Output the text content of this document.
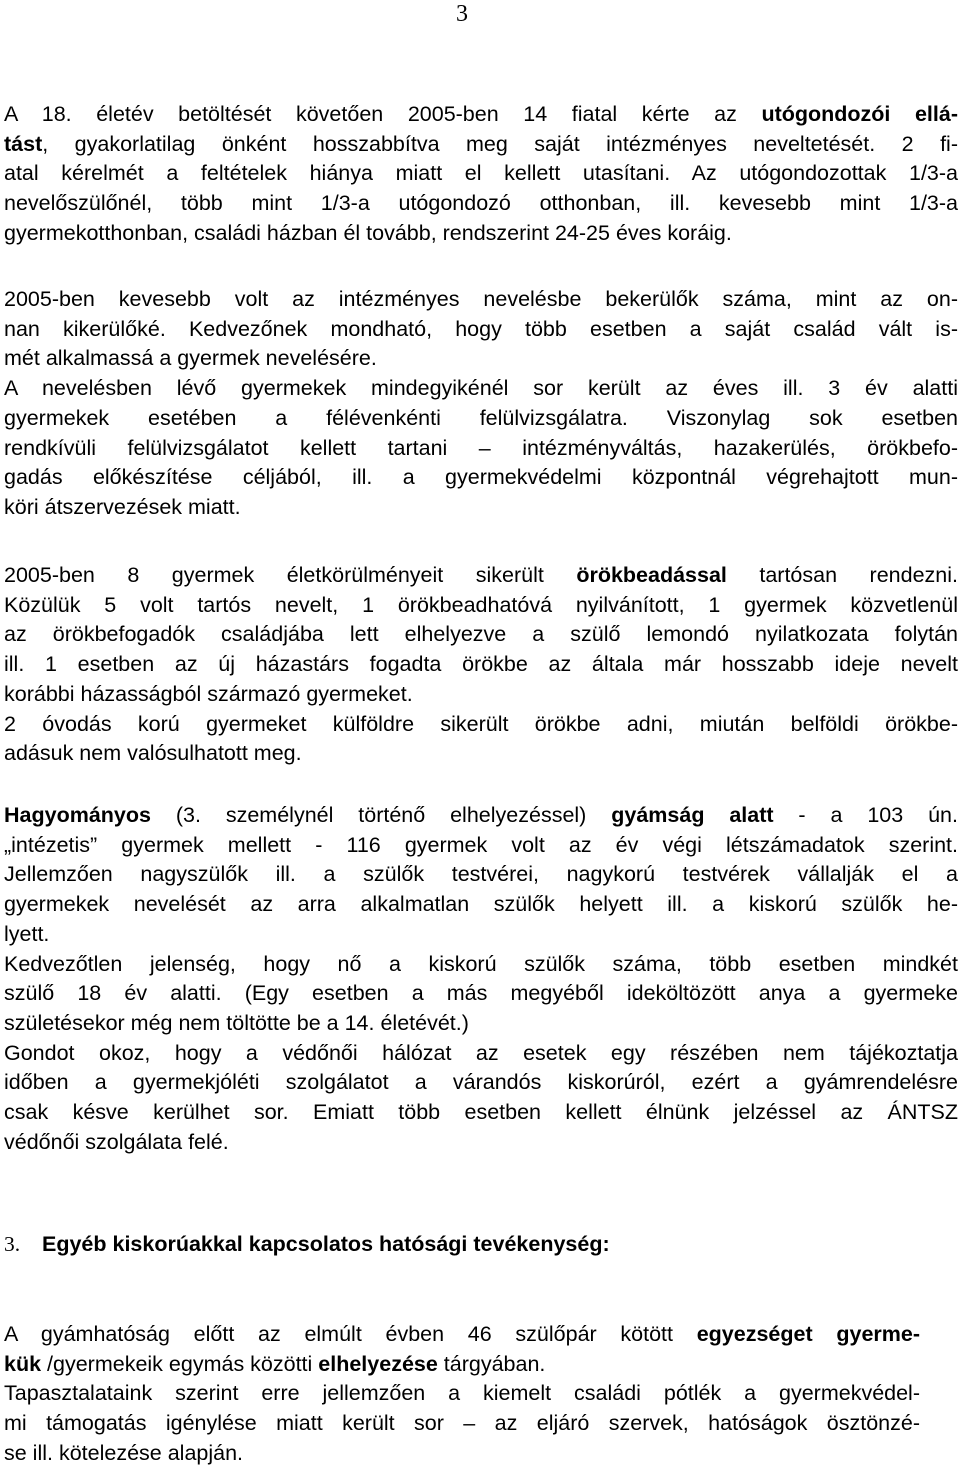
3
A 18. életév betöltését követően 2005-ben 14 fiatal kérte az utógondozói ellá-
tást, gyakorlatilag önként hosszabbítva meg saját intézményes neveltetését. 2 fi-
atal kérelmét a feltételek hiánya miatt el kellett utasítani. Az utógondozottak 1/3-a
nevelőszülőnél, több mint 1/3-a utógondozó otthonban, ill. kevesebb mint 1/3-a
gyermekotthonban, családi házban él tovább, rendszerint 24-25 éves koráig.
2005-ben kevesebb volt az intézményes nevelésbe bekerülők száma, mint az on-
nan kikerülőké. Kedvezőnek mondható, hogy több esetben a saját család vált is-
mét alkalmassá a gyermek nevelésére.
A nevelésben lévő gyermekek mindegyikénél sor került az éves ill. 3 év alatti
gyermekek esetében a félévenkénti felülvizsgálatra. Viszonylag sok esetben
rendkívüli felülvizsgálatot kellett tartani – intézményváltás, hazakerülés, örökbefo-
gadás előkészítése céljából, ill. a gyermekvédelmi központnál végrehajtott mun-
köri átszervezések miatt.
2005-ben 8 gyermek életkörülményeit sikerült örökbeadással tartósan rendezni.
Közülük 5 volt tartós nevelt, 1 örökbeadhatóvá nyilvánított, 1 gyermek közvetlenül
az örökbefogadók családjába lett elhelyezve a szülő lemondó nyilatkozata folytán
ill. 1 esetben az új házastárs fogadta örökbe az általa már hosszabb ideje nevelt
korábbi házasságból származó gyermeket.
2 óvodás korú gyermeket külföldre sikerült örökbe adni, miután belföldi örökbe-
adásuk nem valósulhatott meg.
Hagyományos (3. személynél történő elhelyezéssel) gyámság alatt - a 103 ún.
„intézetis” gyermek mellett - 116 gyermek volt az év végi létszámadatok szerint.
Jellemzően nagyszülők ill. a szülők testvérei, nagykorú testvérek vállalják el a
gyermekek nevelését az arra alkalmatlan szülők helyett ill. a kiskorú szülők he-
lyett.
Kedvezőtlen jelenség, hogy nő a kiskorú szülők száma, több esetben mindkét
szülő 18 év alatti. (Egy esetben a más megyéből ideköltözött anya a gyermeke
születésekor még nem töltötte be a 14. életévét.)
Gondot okoz, hogy a védőnői hálózat az esetek egy részében nem tájékoztatja
időben a gyermekjóléti szolgálatot a várandós kiskorúról, ezért a gyámrendelésre
csak késve kerülhet sor. Emiatt több esetben kellett élnünk jelzéssel az ÁNTSZ
védőnői szolgálata felé.
3. Egyéb kiskorúakkal kapcsolatos hatósági tevékenység:
A gyámhatóság előtt az elmúlt évben 46 szülőpár kötött egyezséget gyerme-
kük /gyermekeik egymás közötti elhelyezése tárgyában.
Tapasztalataink szerint erre jellemzően a kiemelt családi pótlék a gyermekvédel-
mi támogatás igénylése miatt került sor – az eljáró szervek, hatóságok ösztönzé-
se ill. kötelezése alapján.
